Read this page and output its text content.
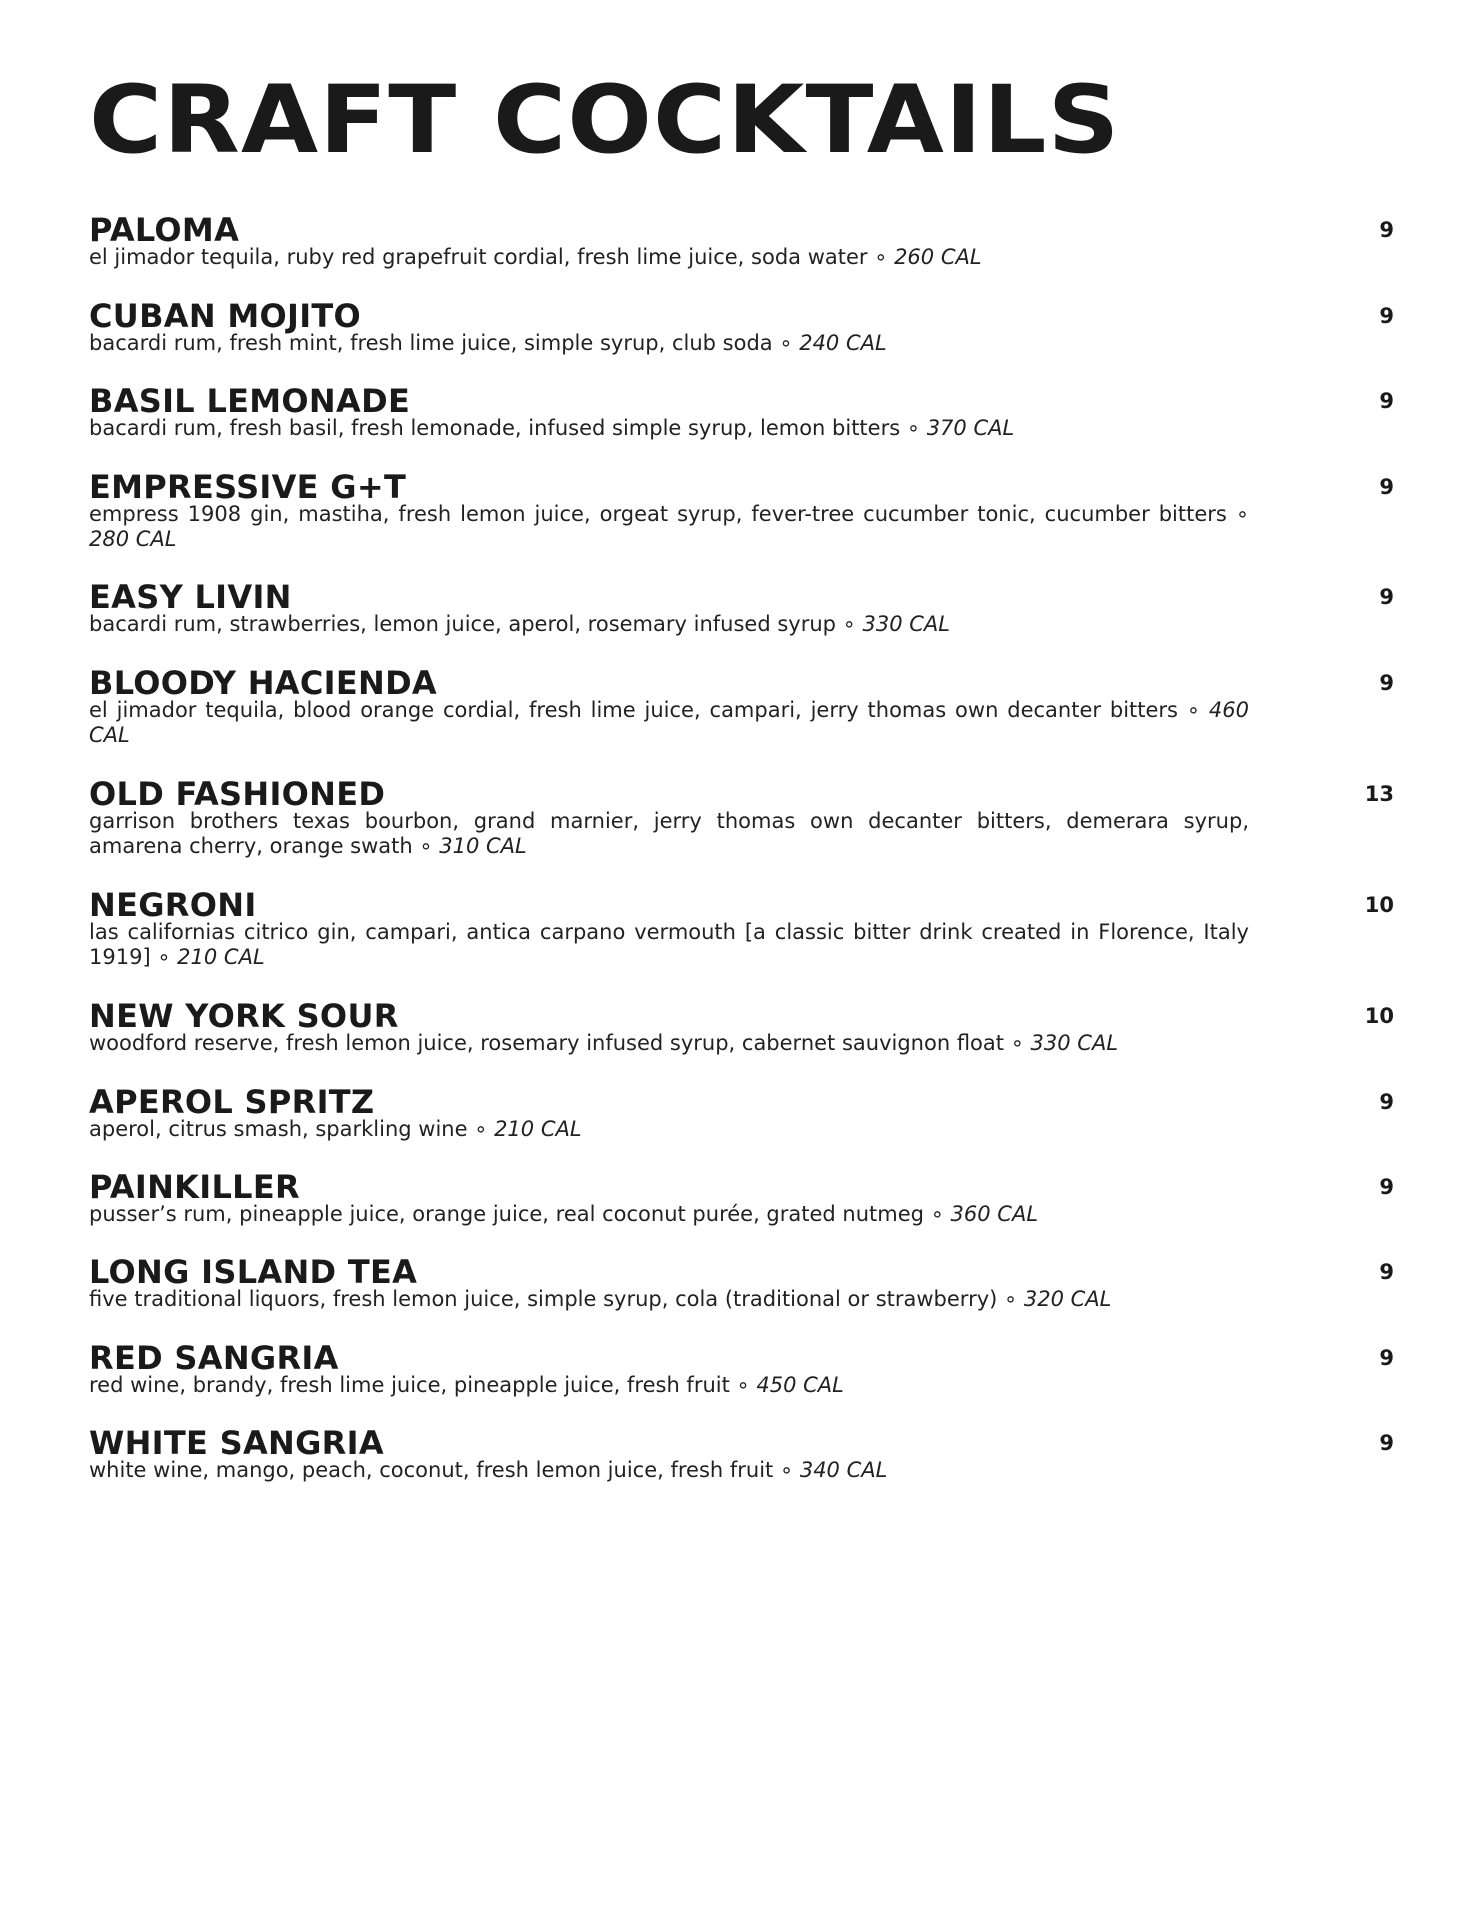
CRAFT COCKTAILS
PALOMA	9
el jimador tequila, ruby red grapefruit cordial, fresh lime juice, soda water ∘ 260 CAL
CUBAN MOJITO	9
bacardi rum, fresh mint, fresh lime juice, simple syrup, club soda ∘ 240 CAL
BASIL LEMONADE	9
bacardi rum, fresh basil, fresh lemonade, infused simple syrup, lemon bitters ∘ 370 CAL
EMPRESSIVE G+T	9
empress 1908 gin, mastiha, fresh lemon juice, orgeat syrup, fever-tree cucumber tonic, cucumber bitters ∘ 280 CAL
EASY LIVIN	9
bacardi rum, strawberries, lemon juice, aperol, rosemary infused syrup ∘ 330 CAL
BLOODY HACIENDA	9
el jimador tequila, blood orange cordial, fresh lime juice, campari, jerry thomas own decanter bitters ∘ 460 CAL
OLD FASHIONED	13
garrison brothers texas bourbon, grand marnier, jerry thomas own decanter bitters, demerara syrup, amarena cherry, orange swath ∘ 310 CAL
NEGRONI	10
las californias citrico gin, campari, antica carpano vermouth [a classic bitter drink created in Florence, Italy 1919] ∘ 210 CAL
NEW YORK SOUR	10
woodford reserve, fresh lemon juice, rosemary infused syrup, cabernet sauvignon float ∘ 330 CAL
APEROL SPRITZ	9
aperol, citrus smash, sparkling wine ∘ 210 CAL
PAINKILLER	9
pusser’s rum, pineapple juice, orange juice, real coconut purée, grated nutmeg ∘ 360 CAL
LONG ISLAND TEA	9
five traditional liquors, fresh lemon juice, simple syrup, cola (traditional or strawberry) ∘ 320 CAL
RED SANGRIA	9
red wine, brandy, fresh lime juice, pineapple juice, fresh fruit ∘ 450 CAL
WHITE SANGRIA	9
white wine, mango, peach, coconut, fresh lemon juice, fresh fruit ∘ 340 CAL
